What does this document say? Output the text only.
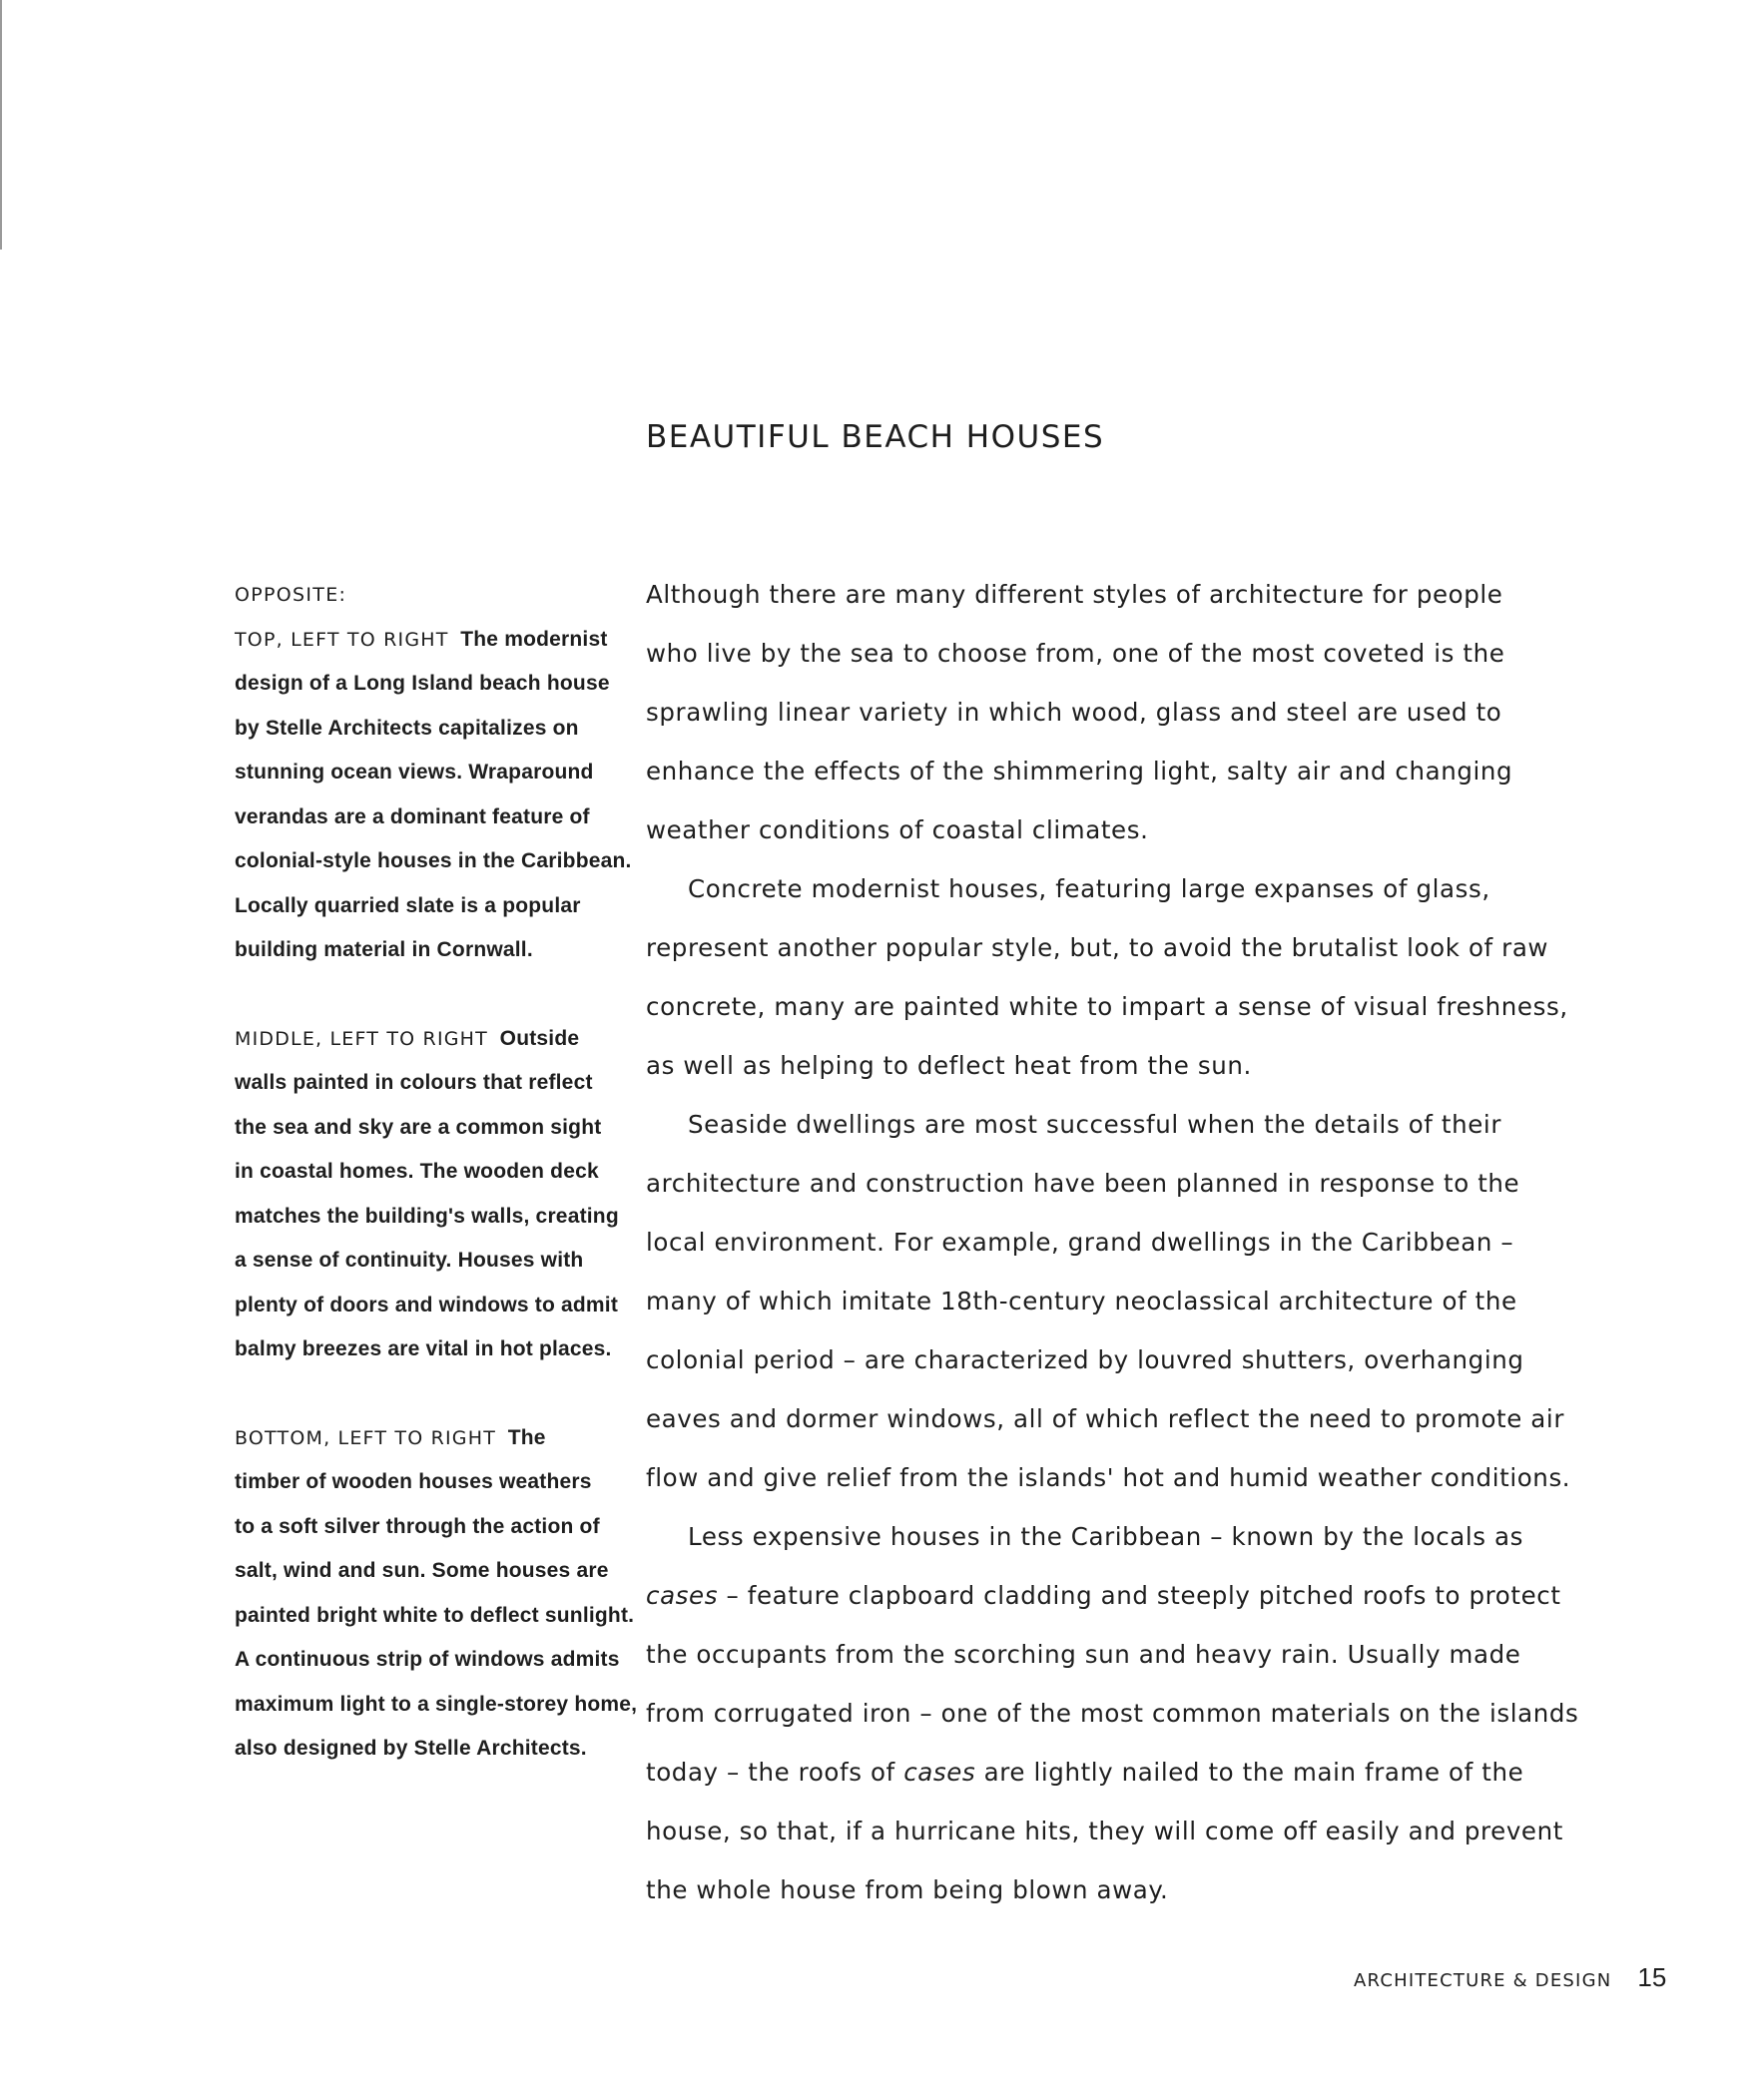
BEAUTIFUL BEACH HOUSES

OPPOSITE:
TOP, LEFT TO RIGHT The modernist
design of a Long Island beach house
by Stelle Architects capitalizes on
stunning ocean views. Wraparound
verandas are a dominant feature of
colonial-style houses in the Caribbean.
Locally quarried slate is a popular
building material in Cornwall.

MIDDLE, LEFT TO RIGHT Outside
walls painted in colours that reflect
the sea and sky are a common sight
in coastal homes. The wooden deck
matches the building's walls, creating
a sense of continuity. Houses with
plenty of doors and windows to admit
balmy breezes are vital in hot places.

BOTTOM, LEFT TO RIGHT The
timber of wooden houses weathers
to a soft silver through the action of
salt, wind and sun. Some houses are
painted bright white to deflect sunlight.
A continuous strip of windows admits
maximum light to a single-storey home,
also designed by Stelle Architects.

Although there are many different styles of architecture for people
who live by the sea to choose from, one of the most coveted is the
sprawling linear variety in which wood, glass and steel are used to
enhance the effects of the shimmering light, salty air and changing
weather conditions of coastal climates.
Concrete modernist houses, featuring large expanses of glass,
represent another popular style, but, to avoid the brutalist look of raw
concrete, many are painted white to impart a sense of visual freshness,
as well as helping to deflect heat from the sun.
Seaside dwellings are most successful when the details of their
architecture and construction have been planned in response to the
local environment. For example, grand dwellings in the Caribbean –
many of which imitate 18th-century neoclassical architecture of the
colonial period – are characterized by louvred shutters, overhanging
eaves and dormer windows, all of which reflect the need to promote air
flow and give relief from the islands' hot and humid weather conditions.
Less expensive houses in the Caribbean – known by the locals as
cases – feature clapboard cladding and steeply pitched roofs to protect
the occupants from the scorching sun and heavy rain. Usually made
from corrugated iron – one of the most common materials on the islands
today – the roofs of cases are lightly nailed to the main frame of the
house, so that, if a hurricane hits, they will come off easily and prevent
the whole house from being blown away.
ARCHITECTURE & DESIGN 15
